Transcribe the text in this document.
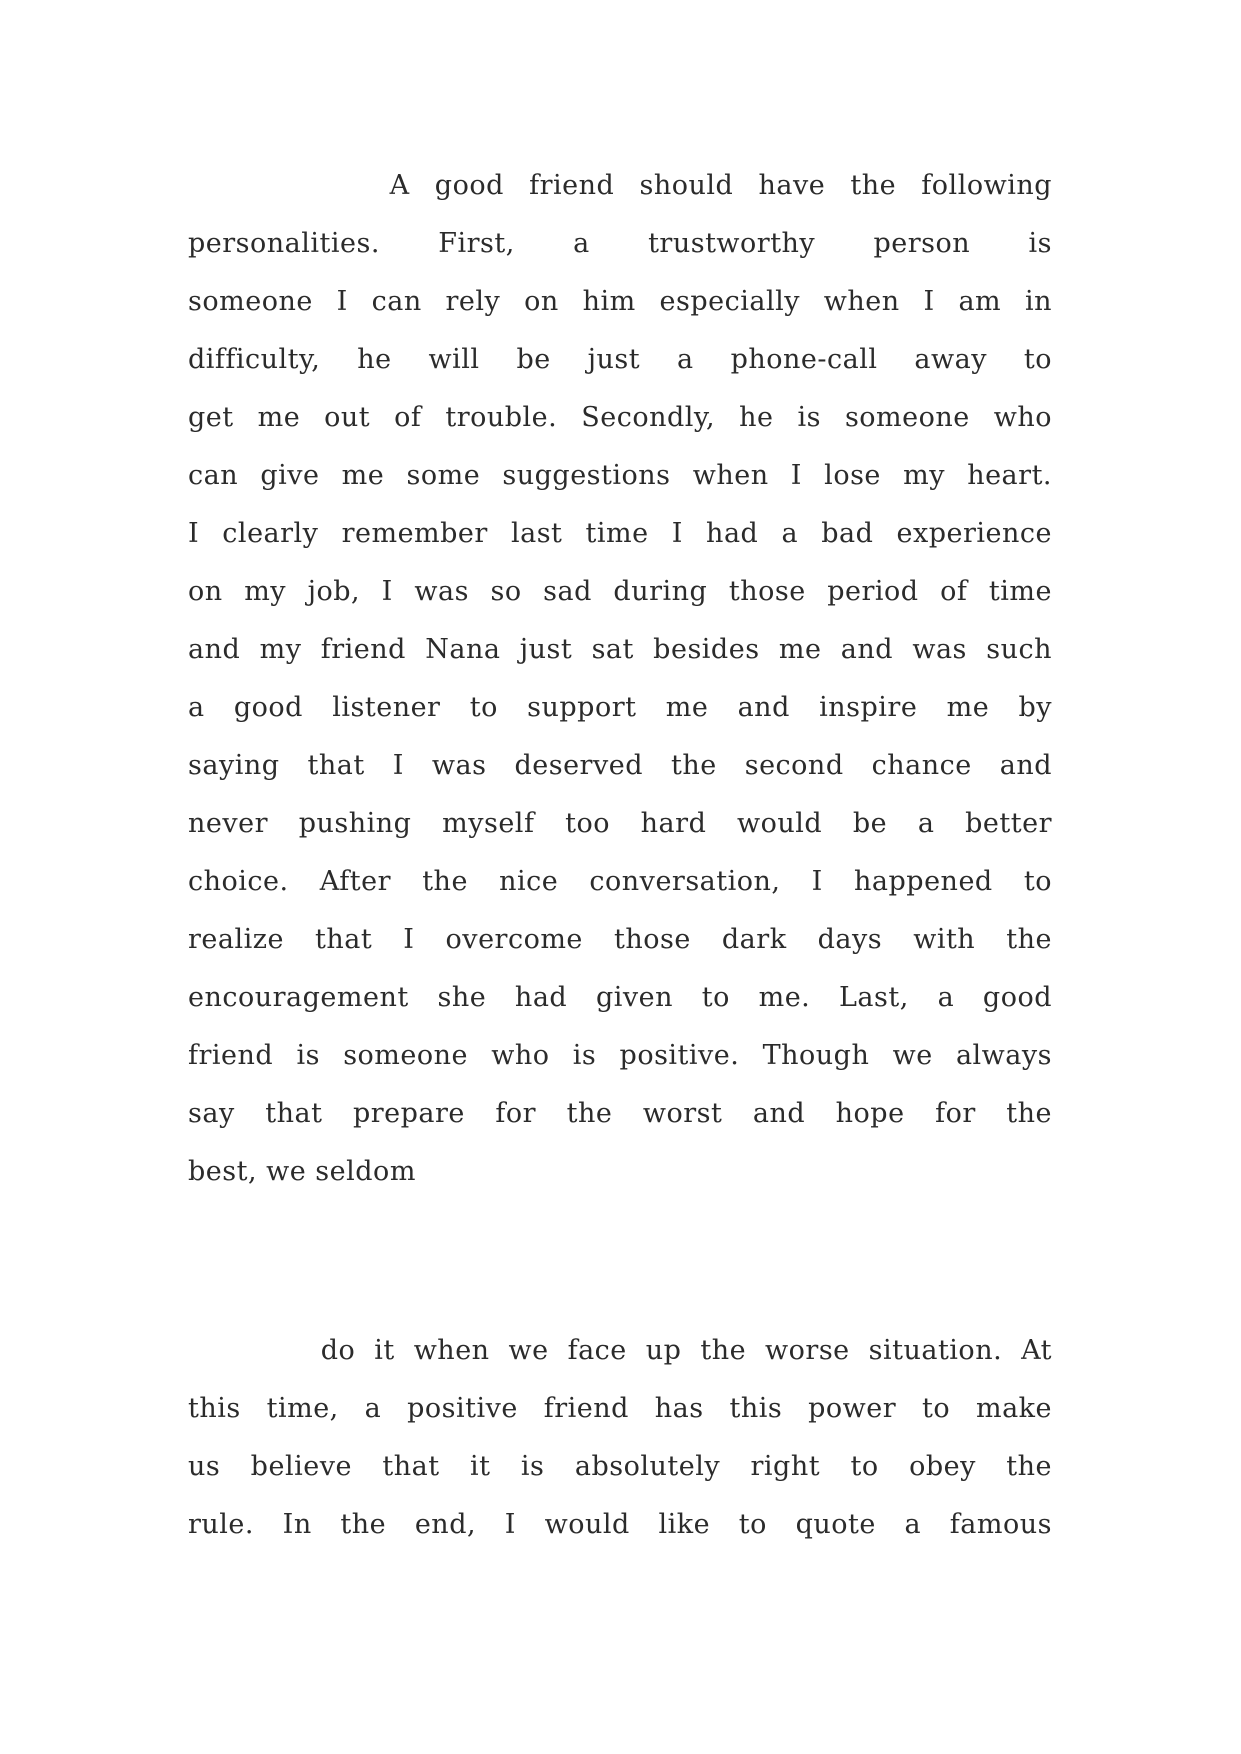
A good friend should have the following
personalities. First, a trustworthy person is
someone I can rely on him especially when I am in
difficulty, he will be just a phone-call away to
get me out of trouble. Secondly, he is someone who
can give me some suggestions when I lose my heart.
I clearly remember last time I had a bad experience
on my job, I was so sad during those period of time
and my friend Nana just sat besides me and was such
a good listener to support me and inspire me by
saying that I was deserved the second chance and
never pushing myself too hard would be a better
choice. After the nice conversation, I happened to
realize that I overcome those dark days with the
encouragement she had given to me. Last, a good
friend is someone who is positive. Though we always
say that prepare for the worst and hope for the
best, we seldom
do it when we face up the worse situation. At
this time, a positive friend has this power to make
us believe that it is absolutely right to obey the
rule. In the end, I would like to quote a famous
